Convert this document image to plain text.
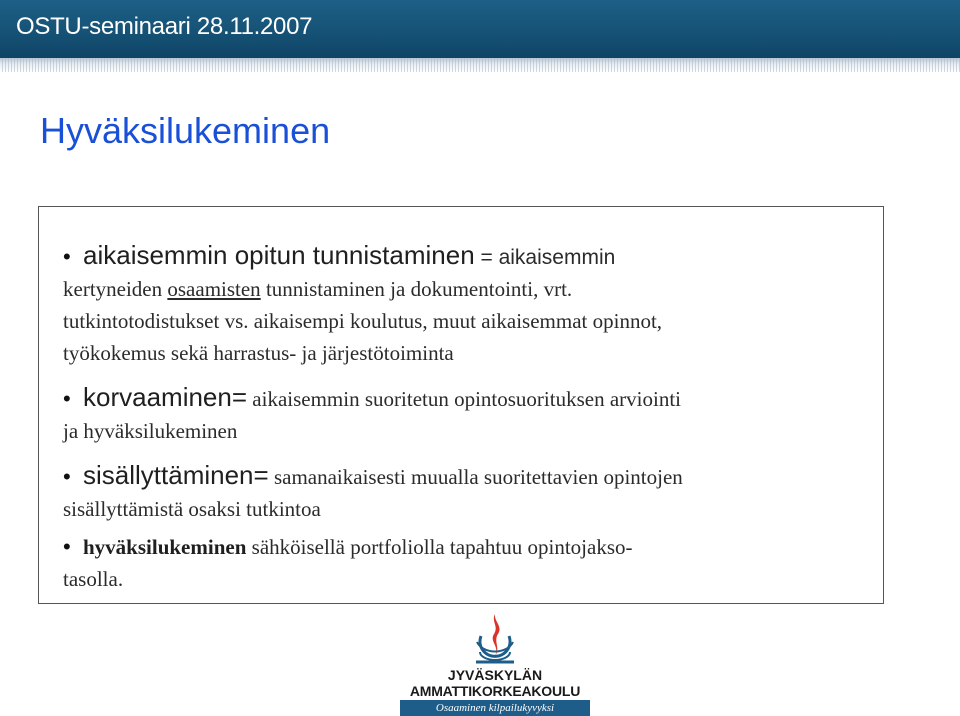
OSTU-seminaari 28.11.2007
Hyväksilukeminen
• aikaisemmin opitun tunnistaminen = aikaisemmin
kertyneiden osaamisten tunnistaminen ja dokumentointi, vrt.
tutkintotodistukset vs. aikaisempi koulutus, muut aikaisemmat opinnot,
työkokemus sekä harrastus- ja järjestötoiminta
• korvaaminen= aikaisemmin suoritetun opintosuorituksen arviointi
ja hyväksilukeminen
• sisällyttäminen= samanaikaisesti muualla suoritettavien opintojen
sisällyttämistä osaksi tutkintoa
• hyväksilukeminen sähköisellä portfoliolla tapahtuu opintojakso-
tasolla.
JYVÄSKYLÄN
AMMATTIKORKEAKOULU
Osaaminen kilpailukyvyksi
